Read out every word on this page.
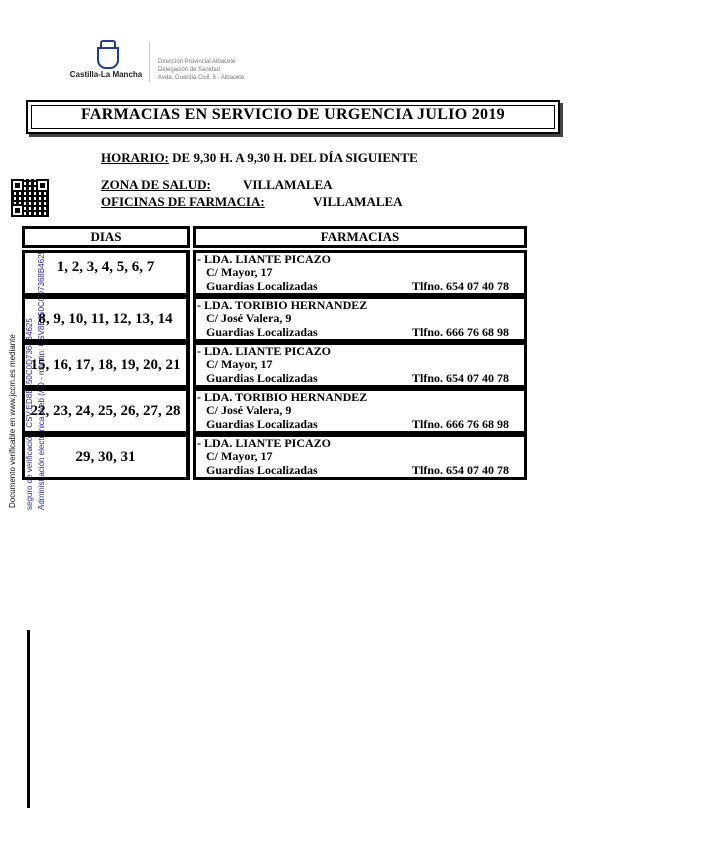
Castilla-La Mancha
Dirección Provincial Albacete
Delegación de Sanidad
Avda. Guardia Civil, 5 · Albacete
FARMACIAS EN SERVICIO DE URGENCIA JULIO 2019
HORARIO: DE 9,30 H. A 9,30 H. DEL DÍA SIGUIENTE
ZONA DE SALUD: VILLAMALEA
OFICINAS DE FARMACIA:	VILLAMALEA
Documento verificable en www.jccm.es mediante seguro de verificación: CSV:ED8E450C0D7368B4625 Administración electrónica Web (AD - mentin: CSV8E450C0D7368B4625
DIAS	FARMACIAS
1, 2, 3, 4, 5, 6, 7	- LDA. LIANTE PICAZO
C/ Mayor, 17
Guardias Localizadas	Tlfno. 654 07 40 78
8, 9, 10, 11, 12, 13, 14
- LDA. TORIBIO HERNANDEZ
C/ José Valera, 9
Guardias Localizadas	Tlfno. 666 76 68 98
15, 16, 17, 18, 19, 20, 21
- LDA. LIANTE PICAZO
C/ Mayor, 17
Guardias Localizadas	Tlfno. 654 07 40 78
22, 23, 24, 25, 26, 27, 28
- LDA. TORIBIO HERNANDEZ
C/ José Valera, 9
Guardias Localizadas	Tlfno. 666 76 68 98
29, 30, 31
- LDA. LIANTE PICAZO
C/ Mayor, 17
Guardias Localizadas	Tlfno. 654 07 40 78
